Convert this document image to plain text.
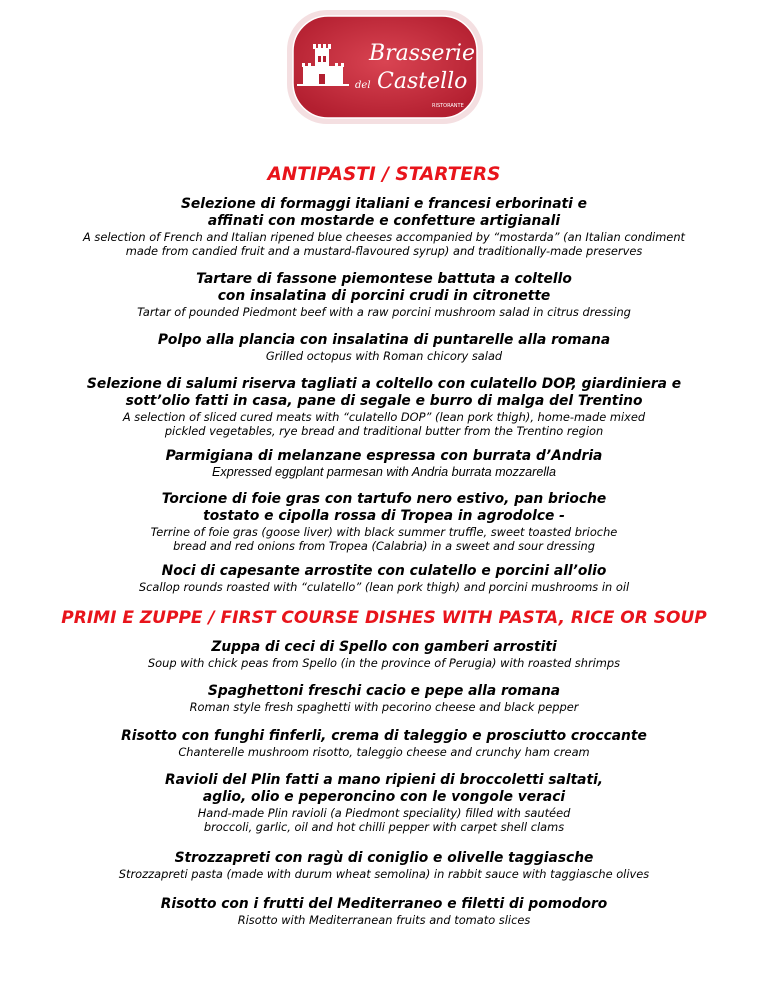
Brasserie
del Castello
RISTORANTE
ANTIPASTI / STARTERS
Selezione di formaggi italiani e francesi erborinati e
affinati con mostarde e confetture artigianali
A selection of French and Italian ripened blue cheeses accompanied by “mostarda” (an Italian condiment
made from candied fruit and a mustard-flavoured syrup) and traditionally-made preserves
Tartare di fassone piemontese battuta a coltello
con insalatina di porcini crudi in citronette
Tartar of pounded Piedmont beef with a raw porcini mushroom salad in citrus dressing
Polpo alla plancia con insalatina di puntarelle alla romana
Grilled octopus with Roman chicory salad
Selezione di salumi riserva tagliati a coltello con culatello DOP, giardiniera e
sott’olio fatti in casa, pane di segale e burro di malga del Trentino
A selection of sliced cured meats with “culatello DOP” (lean pork thigh), home-made mixed
pickled vegetables, rye bread and traditional butter from the Trentino region
Parmigiana di melanzane espressa con burrata d’Andria
Expressed eggplant parmesan with Andria burrata mozzarella
Torcione di foie gras con tartufo nero estivo, pan brioche
tostato e cipolla rossa di Tropea in agrodolce -
Terrine of foie gras (goose liver) with black summer truffle, sweet toasted brioche
bread and red onions from Tropea (Calabria) in a sweet and sour dressing
Noci di capesante arrostite con culatello e porcini all’olio
Scallop rounds roasted with “culatello” (lean pork thigh) and porcini mushrooms in oil
PRIMI E ZUPPE / FIRST COURSE DISHES WITH PASTA, RICE OR SOUP
Zuppa di ceci di Spello con gamberi arrostiti
Soup with chick peas from Spello (in the province of Perugia) with roasted shrimps
Spaghettoni freschi cacio e pepe alla romana
Roman style fresh spaghetti with pecorino cheese and black pepper
Risotto con funghi finferli, crema di taleggio e prosciutto croccante
Chanterelle mushroom risotto, taleggio cheese and crunchy ham cream
Ravioli del Plin fatti a mano ripieni di broccoletti saltati,
aglio, olio e peperoncino con le vongole veraci
Hand-made Plin ravioli (a Piedmont speciality) filled with sautéed
broccoli, garlic, oil and hot chilli pepper with carpet shell clams
Strozzapreti con ragù di coniglio e olivelle taggiasche
Strozzapreti pasta (made with durum wheat semolina) in rabbit sauce with taggiasche olives
Risotto con i frutti del Mediterraneo e filetti di pomodoro
Risotto with Mediterranean fruits and tomato slices
